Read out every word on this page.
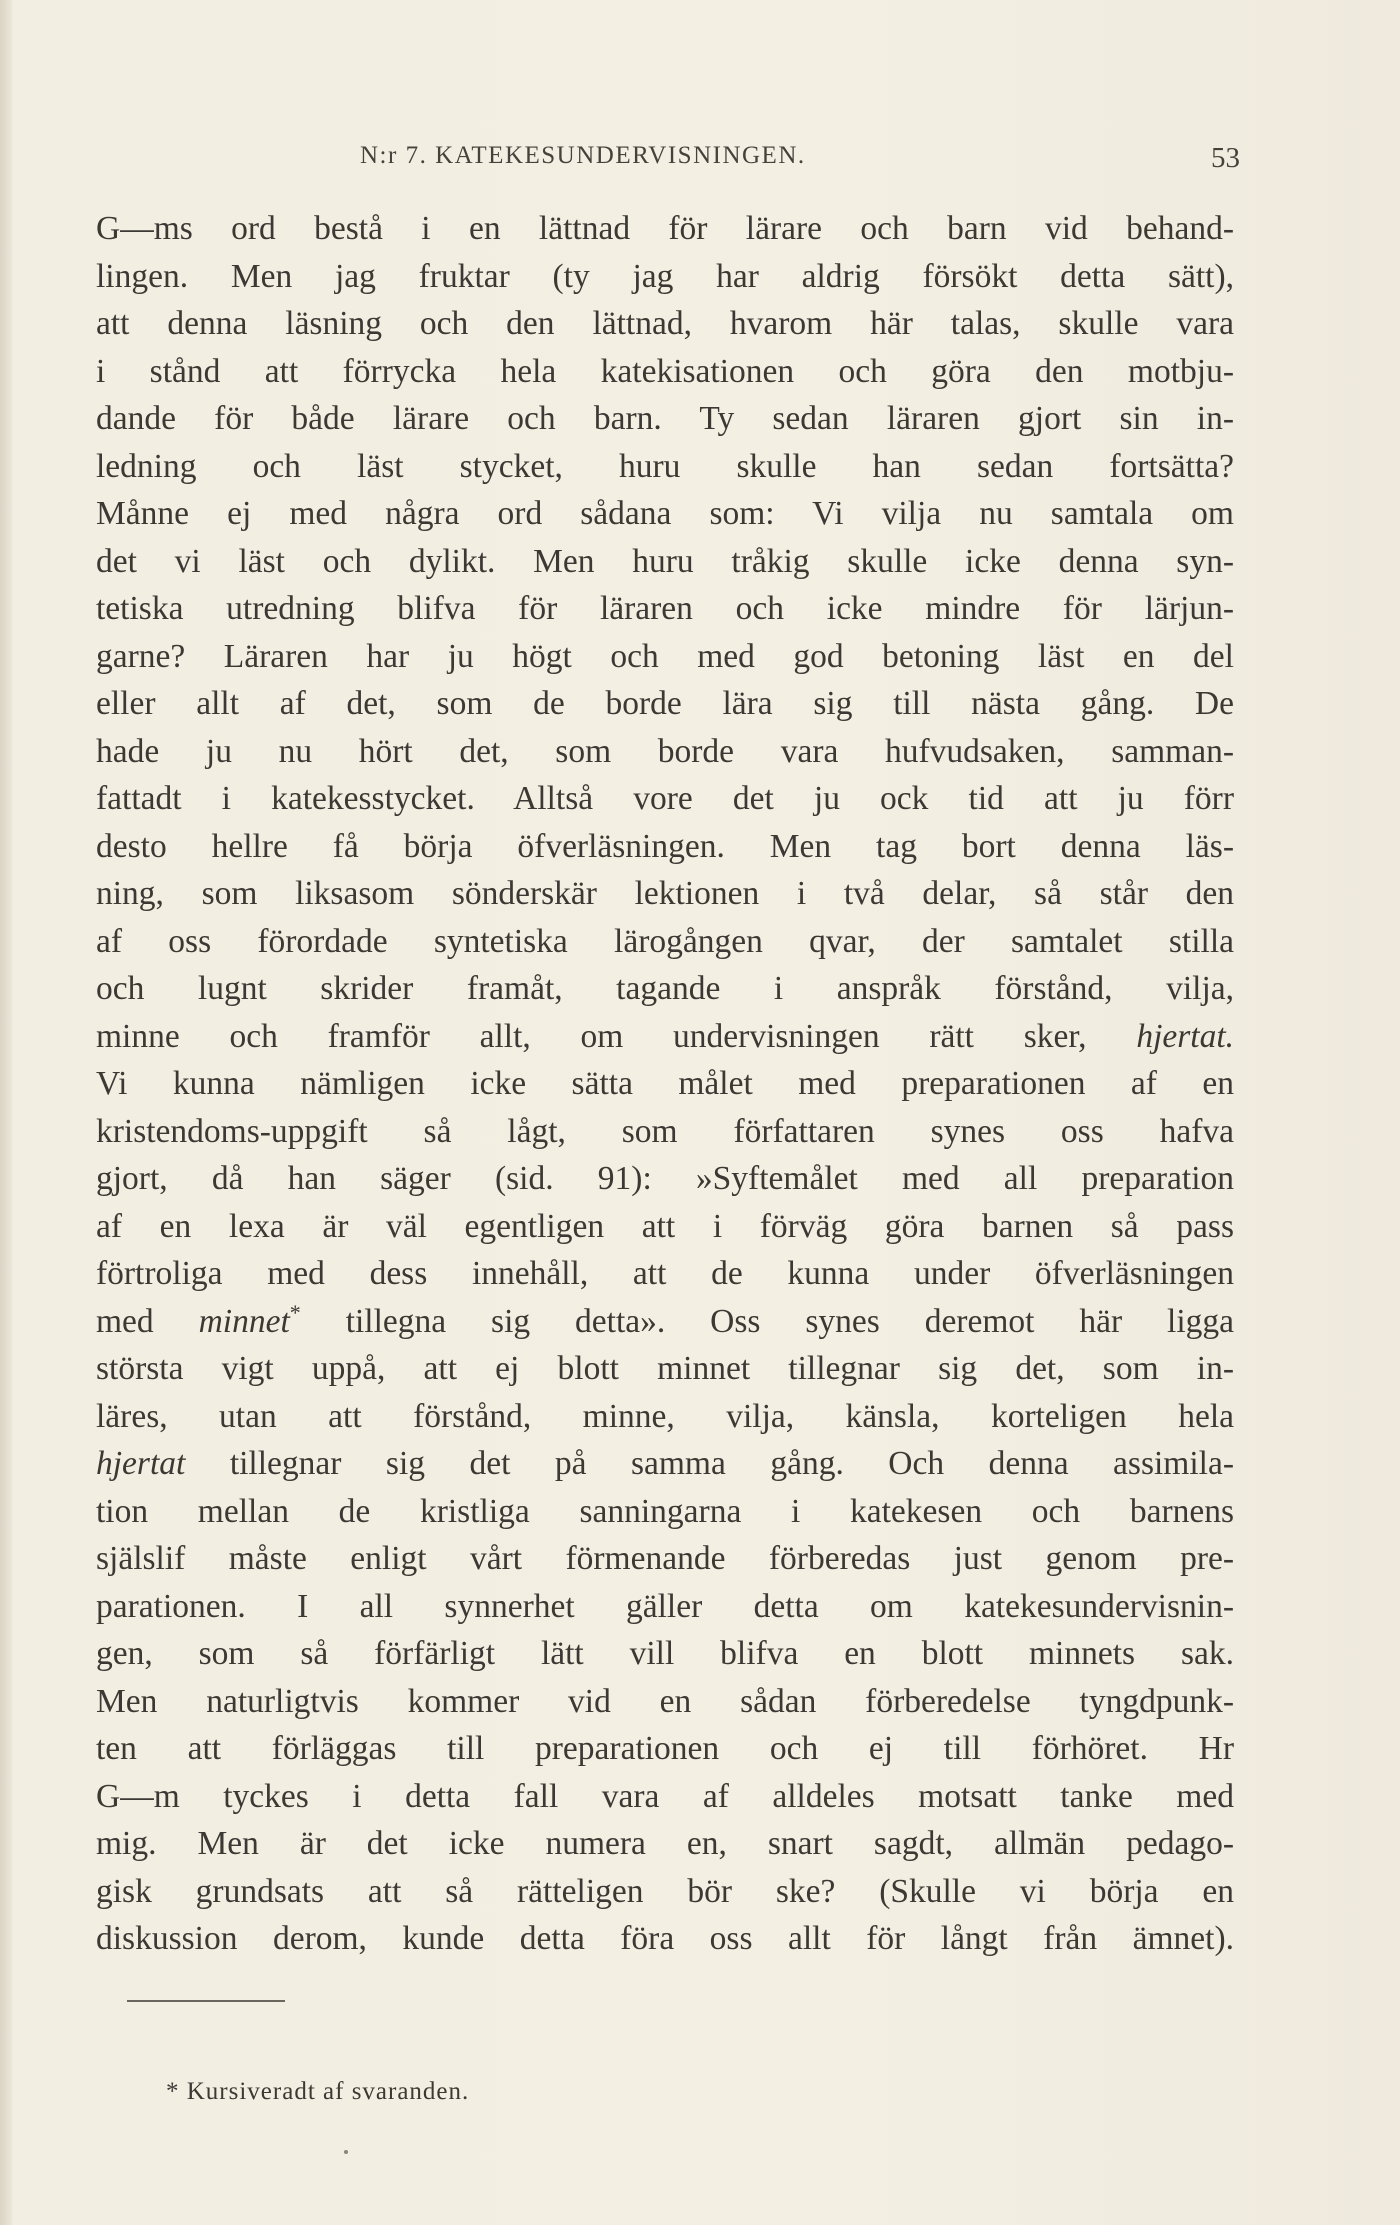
N:r 7. KATEKESUNDERVISNINGEN.	53
G—ms ord bestå i en lättnad för lärare och barn vid behand-
lingen. Men jag fruktar (ty jag har aldrig försökt detta sätt),
att denna läsning och den lättnad, hvarom här talas, skulle vara
i stånd att förrycka hela katekisationen och göra den motbju-
dande för både lärare och barn. Ty sedan läraren gjort sin in-
ledning och läst stycket, huru skulle han sedan fortsätta?
Månne ej med några ord sådana som: Vi vilja nu samtala om
det vi läst och dylikt. Men huru tråkig skulle icke denna syn-
tetiska utredning blifva för läraren och icke mindre för lärjun-
garne? Läraren har ju högt och med god betoning läst en del
eller allt af det, som de borde lära sig till nästa gång. De
hade ju nu hört det, som borde vara hufvudsaken, samman-
fattadt i katekesstycket. Alltså vore det ju ock tid att ju förr
desto hellre få börja öfverläsningen. Men tag bort denna läs-
ning, som liksasom sönderskär lektionen i två delar, så står den
af oss förordade syntetiska lärogången qvar, der samtalet stilla
och lugnt skrider framåt, tagande i anspråk förstånd, vilja,
minne och framför allt, om undervisningen rätt sker, hjertat.
Vi kunna nämligen icke sätta målet med preparationen af en
kristendoms-uppgift så lågt, som författaren synes oss hafva
gjort, då han säger (sid. 91): »Syftemålet med all preparation
af en lexa är väl egentligen att i förväg göra barnen så pass
förtroliga med dess innehåll, att de kunna under öfverläsningen
med minnet* tillegna sig detta». Oss synes deremot här ligga
största vigt uppå, att ej blott minnet tillegnar sig det, som in-
läres, utan att förstånd, minne, vilja, känsla, korteligen hela
hjertat tillegnar sig det på samma gång. Och denna assimila-
tion mellan de kristliga sanningarna i katekesen och barnens
själslif måste enligt vårt förmenande förberedas just genom pre-
parationen. I all synnerhet gäller detta om katekesundervisnin-
gen, som så förfärligt lätt vill blifva en blott minnets sak.
Men naturligtvis kommer vid en sådan förberedelse tyngdpunk-
ten att förläggas till preparationen och ej till förhöret. Hr
G—m tyckes i detta fall vara af alldeles motsatt tanke med
mig. Men är det icke numera en, snart sagdt, allmän pedago-
gisk grundsats att så rätteligen bör ske? (Skulle vi börja en
diskussion derom, kunde detta föra oss allt för långt från ämnet).
* Kursiveradt af svaranden.
